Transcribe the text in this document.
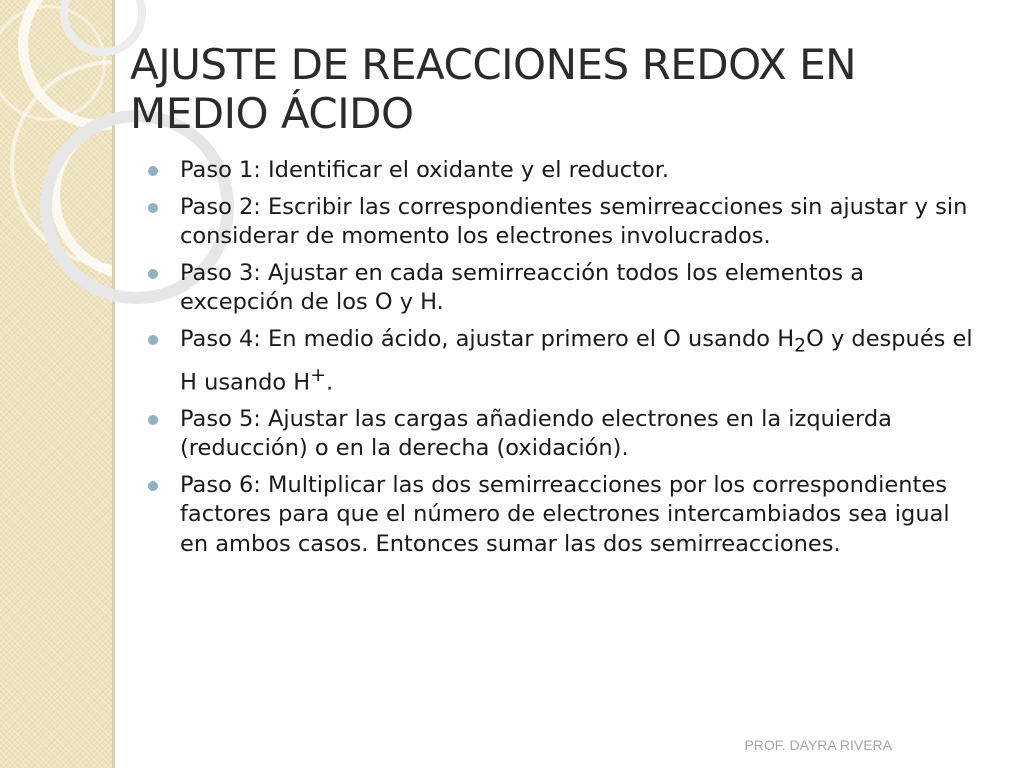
AJUSTE DE REACCIONES REDOX EN MEDIO ÁCIDO
Paso 1: Identificar el oxidante y el reductor.
Paso 2: Escribir las correspondientes semirreacciones sin ajustar y sin considerar de momento los electrones involucrados.
Paso 3: Ajustar en cada semirreacción todos los elementos a excepción de los O y H.
Paso 4: En medio ácido, ajustar primero el O usando $H_2O$ y después el H usando H+.
Paso 5: Ajustar las cargas añadiendo electrones en la izquierda (reducción) o en la derecha (oxidación).
Paso 6: Multiplicar las dos semirreacciones por los correspondientes factores para que el número de electrones intercambiados sea igual en ambos casos. Entonces sumar las dos semirreacciones.
PROF. DAYRA RIVERA
